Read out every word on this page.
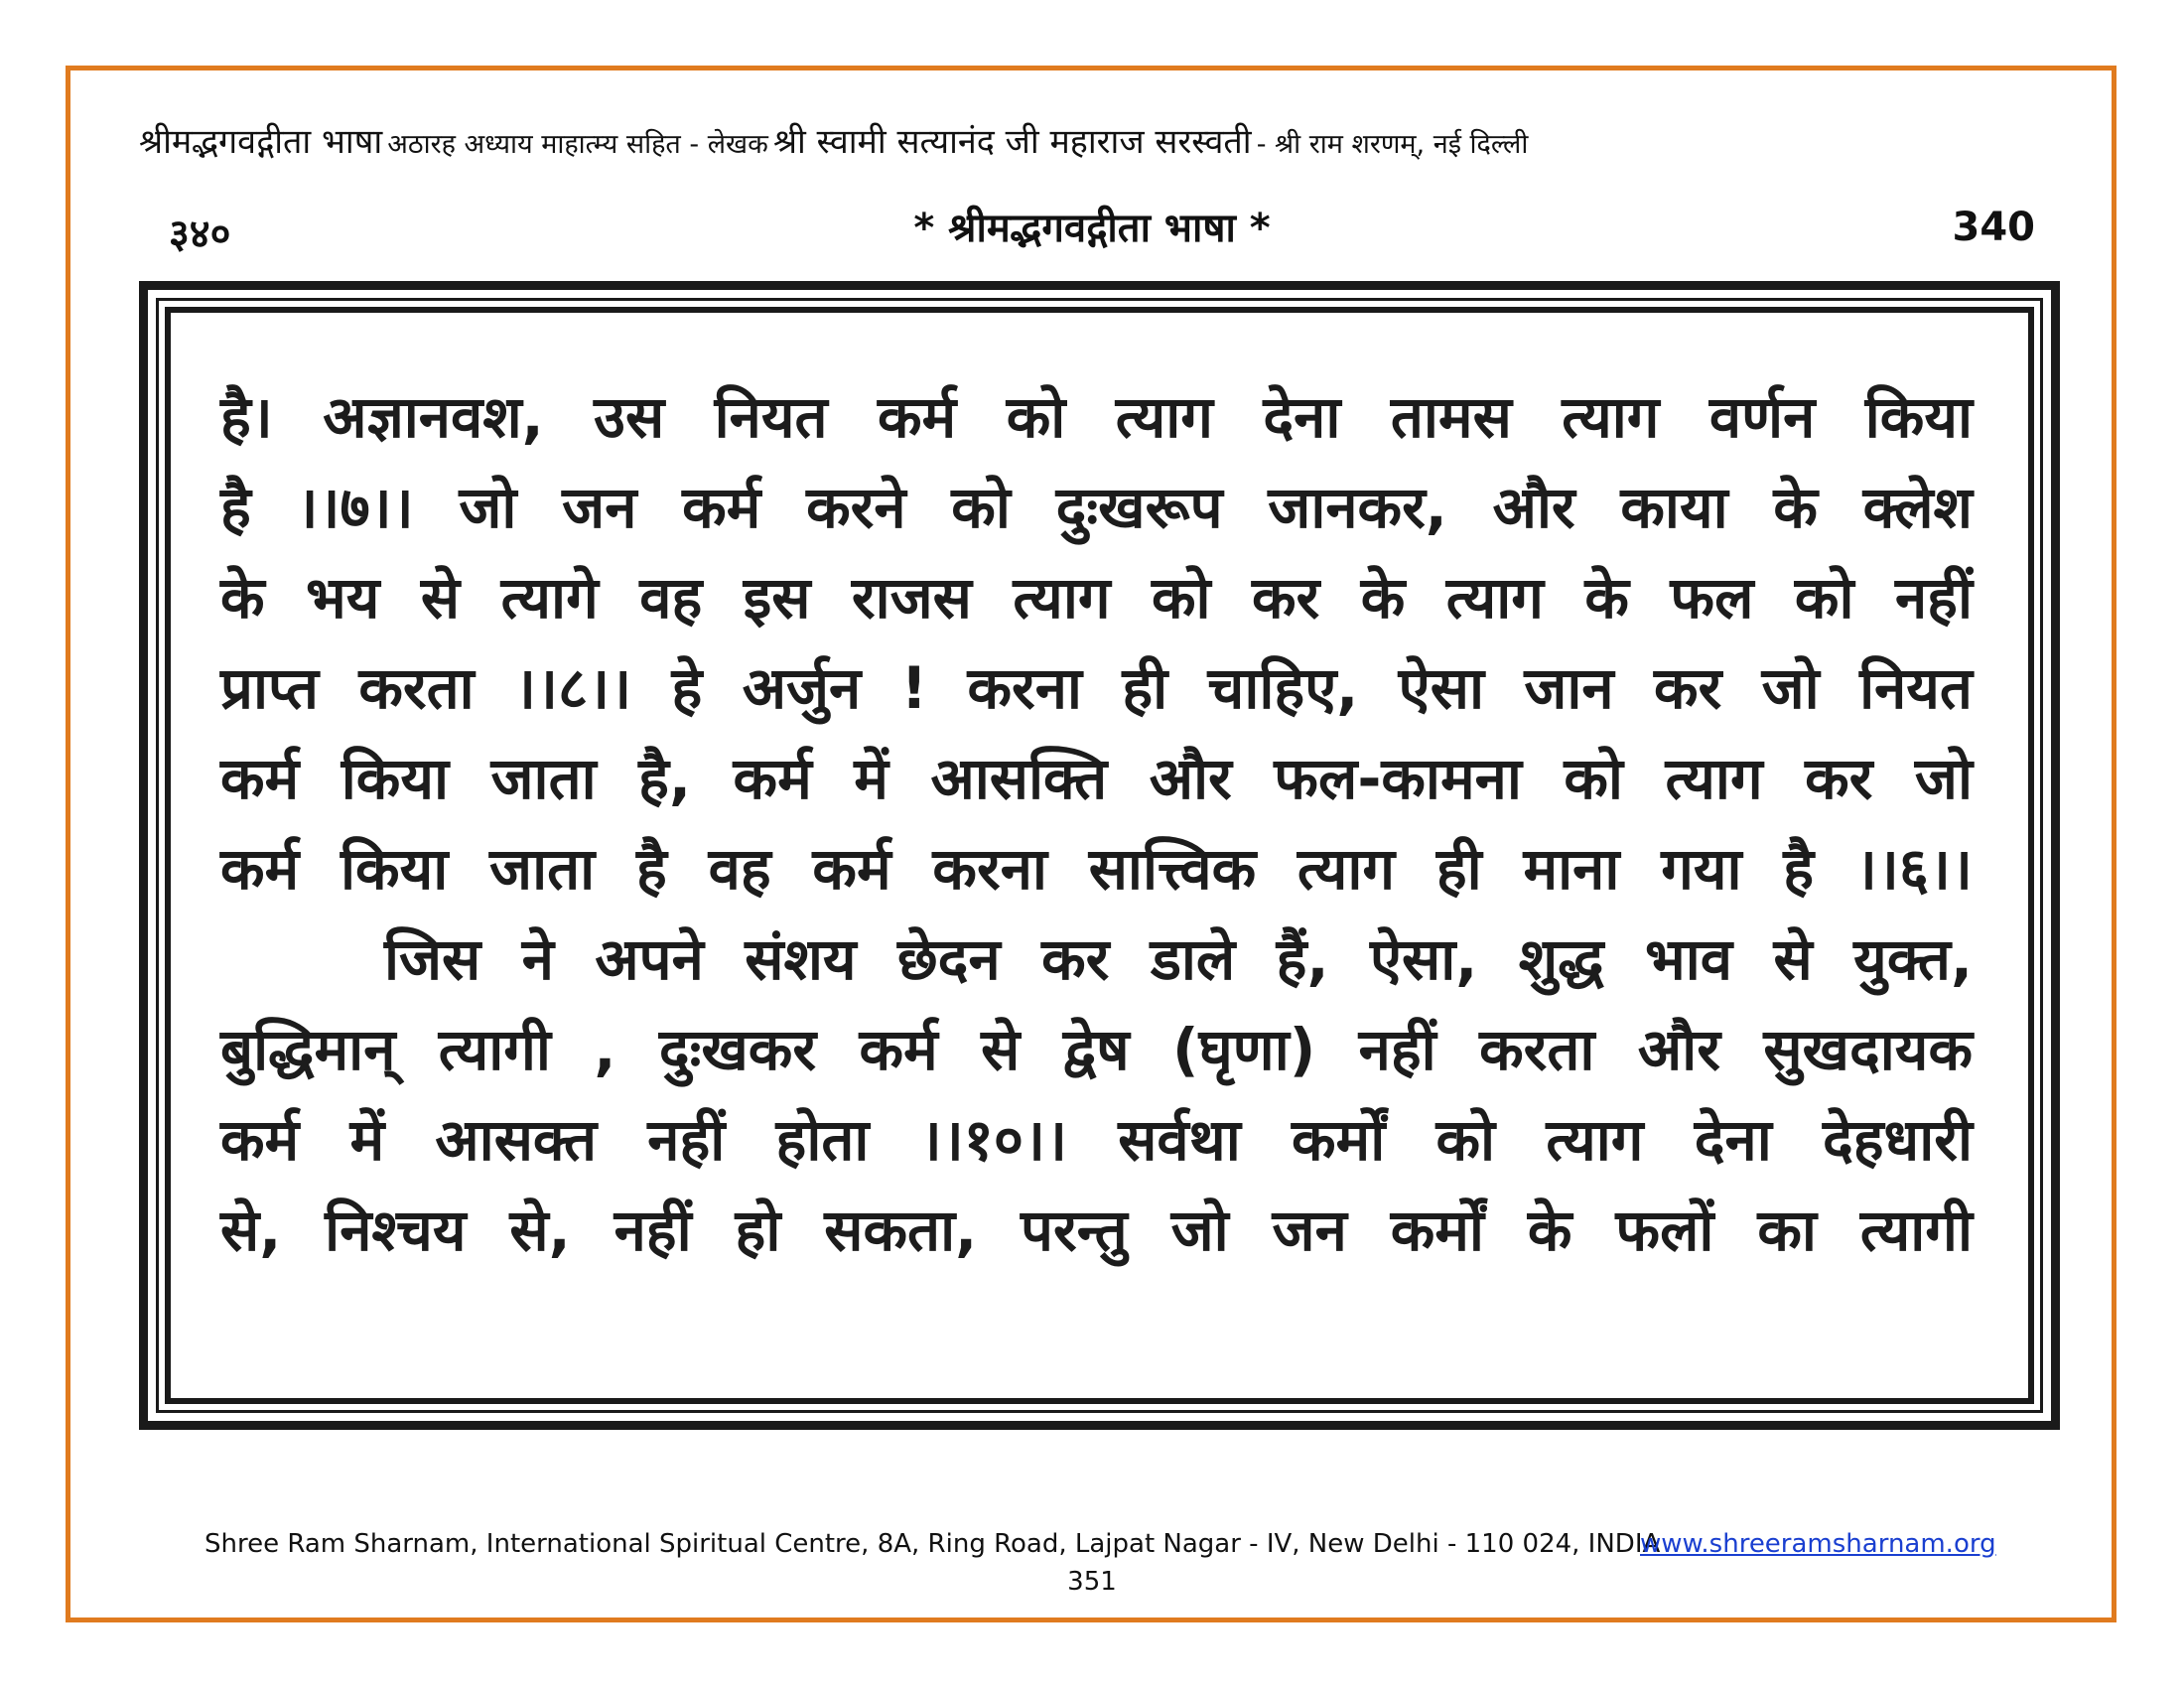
श्रीमद्भगवद्गीता भाषा अठारह अध्याय माहात्म्य सहित - लेखक श्री स्वामी सत्यानंद जी महाराज सरस्वती - श्री राम शरणम्, नई दिल्ली
३४०	* श्रीमद्भगवद्गीता भाषा *	340
है। अज्ञानवश, उस नियत कर्म को त्याग देना तामस त्याग वर्णन किया
है ।।७।। जो जन कर्म करने को दुःखरूप जानकर, और काया के क्लेश
के भय से त्यागे वह इस राजस त्याग को कर के त्याग के फल को नहीं
प्राप्त करता ।।८।। हे अर्जुन ! करना ही चाहिए, ऐसा जान कर जो नियत
कर्म किया जाता है, कर्म में आसक्ति और फल-कामना को त्याग कर जो
कर्म किया जाता है वह कर्म करना सात्त्विक त्याग ही माना गया है ।।६।।
जिस ने अपने संशय छेदन कर डाले हैं, ऐसा, शुद्ध भाव से युक्त,
बुद्धिमान् त्यागी , दुःखकर कर्म से द्वेष (घृणा) नहीं करता और सुखदायक
कर्म में आसक्त नहीं होता ।।१०।। सर्वथा कर्मों को त्याग देना देहधारी
से, निश्चय से, नहीं हो सकता, परन्तु जो जन कर्मों के फलों का त्यागी
Shree Ram Sharnam, International Spiritual Centre, 8A, Ring Road, Lajpat Nagar - IV, New Delhi - 110 024, INDIA
www.shreeramsharnam.org
351
